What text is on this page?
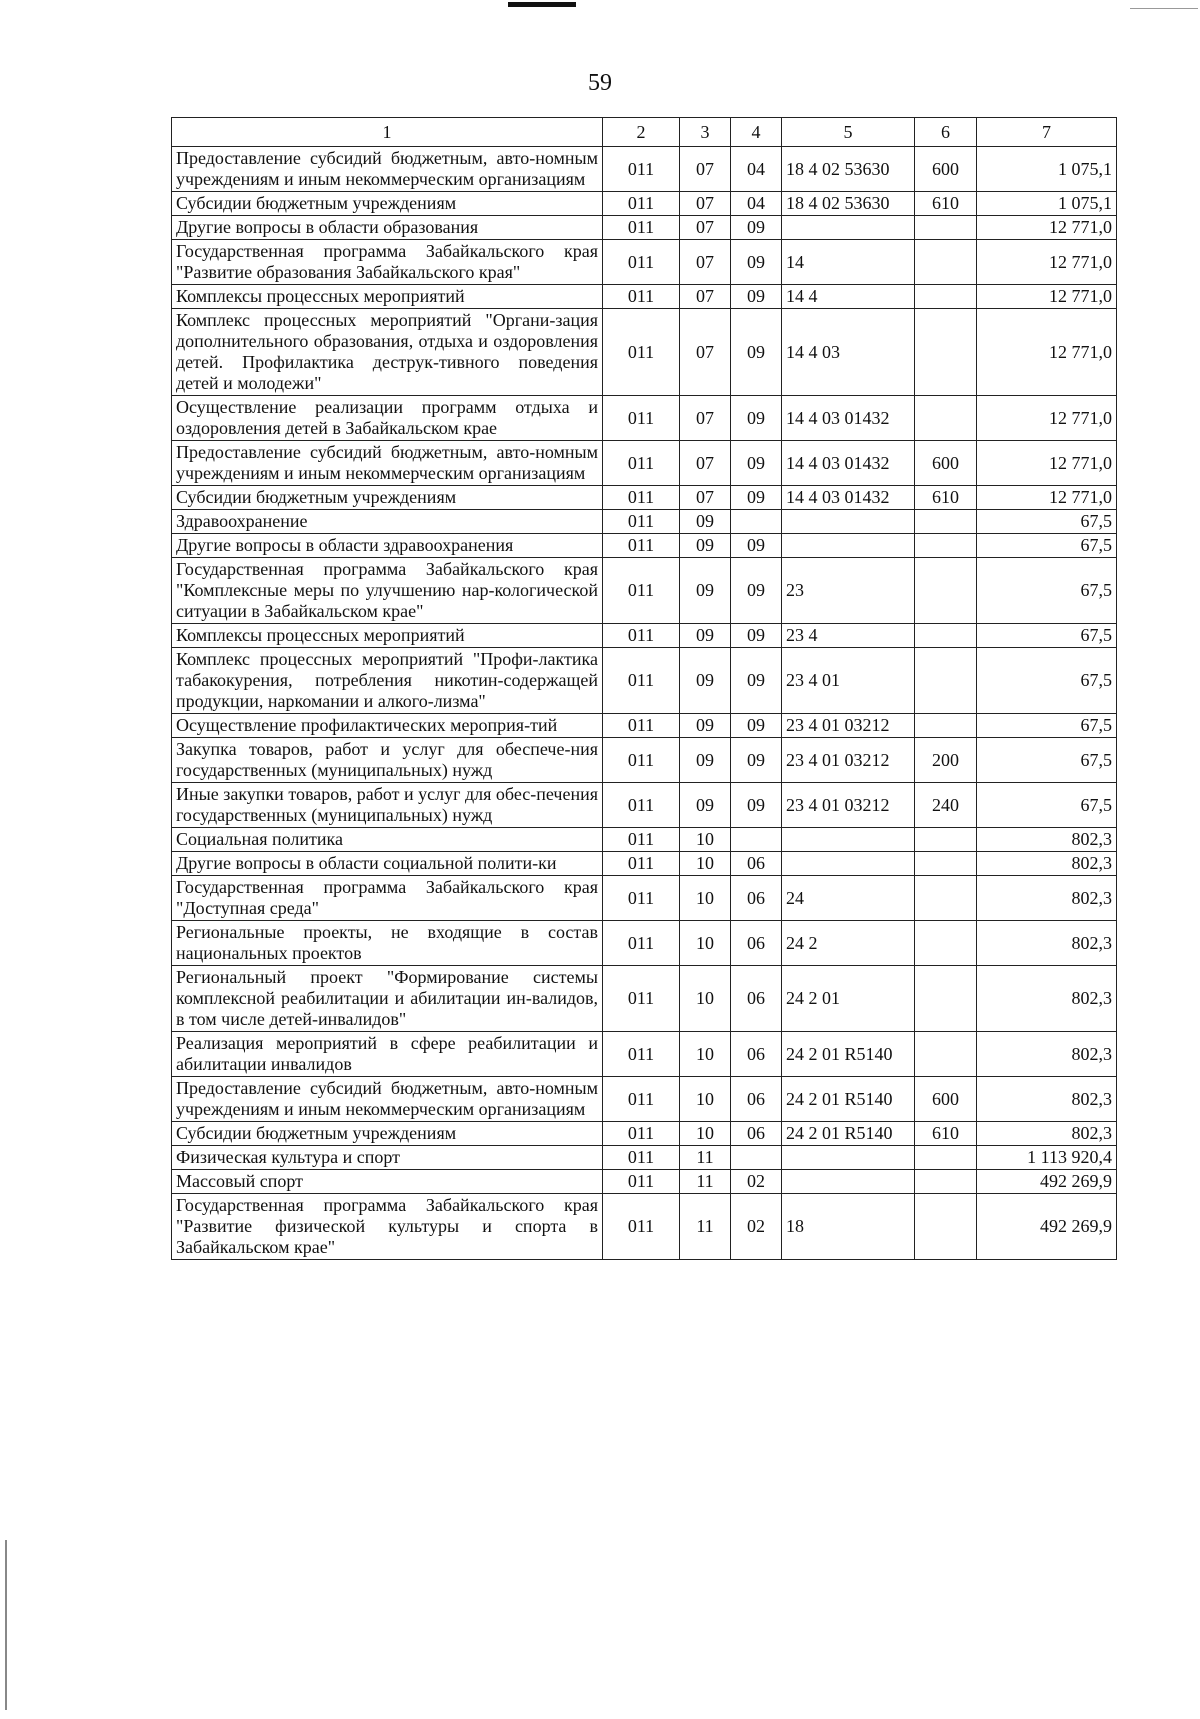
59
1	2	3	4	5	6	7
Предоставление субсидий бюджетным, авто-номным учреждениям и иным некоммерческим организациям	011	07	04	18 4 02 53630	600	1 075,1
Субсидии бюджетным учреждениям	011	07	04	18 4 02 53630	610	1 075,1
Другие вопросы в области образования	011	07	09			12 771,0
Государственная программа Забайкальского края "Развитие образования Забайкальского края"	011	07	09	14		12 771,0
Комплексы процессных мероприятий	011	07	09	14 4		12 771,0
Комплекс процессных мероприятий "Органи-зация дополнительного образования, отдыха и оздоровления детей. Профилактика деструк-тивного поведения детей и молодежи"	011	07	09	14 4 03		12 771,0
Осуществление реализации программ отдыха и оздоровления детей в Забайкальском крае	011	07	09	14 4 03 01432		12 771,0
Предоставление субсидий бюджетным, авто-номным учреждениям и иным некоммерческим организациям	011	07	09	14 4 03 01432	600	12 771,0
Субсидии бюджетным учреждениям	011	07	09	14 4 03 01432	610	12 771,0
Здравоохранение	011	09				67,5
Другие вопросы в области здравоохранения	011	09	09			67,5
Государственная программа Забайкальского края "Комплексные меры по улучшению нар-кологической ситуации в Забайкальском крае"	011	09	09	23		67,5
Комплексы процессных мероприятий	011	09	09	23 4		67,5
Комплекс процессных мероприятий "Профи-лактика табакокурения, потребления никотин-содержащей продукции, наркомании и алкого-лизма"	011	09	09	23 4 01		67,5
Осуществление профилактических мероприя-тий	011	09	09	23 4 01 03212		67,5
Закупка товаров, работ и услуг для обеспече-ния государственных (муниципальных) нужд	011	09	09	23 4 01 03212	200	67,5
Иные закупки товаров, работ и услуг для обес-печения государственных (муниципальных) нужд	011	09	09	23 4 01 03212	240	67,5
Социальная политика	011	10				802,3
Другие вопросы в области социальной полити-ки	011	10	06			802,3
Государственная программа Забайкальского края "Доступная среда"	011	10	06	24		802,3
Региональные проекты, не входящие в состав национальных проектов	011	10	06	24 2		802,3
Региональный проект "Формирование системы комплексной реабилитации и абилитации ин-валидов, в том числе детей-инвалидов"	011	10	06	24 2 01		802,3
Реализация мероприятий в сфере реабилитации и абилитации инвалидов	011	10	06	24 2 01 R5140		802,3
Предоставление субсидий бюджетным, авто-номным учреждениям и иным некоммерческим организациям	011	10	06	24 2 01 R5140	600	802,3
Субсидии бюджетным учреждениям	011	10	06	24 2 01 R5140	610	802,3
Физическая культура и спорт	011	11				1 113 920,4
Массовый спорт	011	11	02			492 269,9
Государственная программа Забайкальского края "Развитие физической культуры и спорта в Забайкальском крае"	011	11	02	18		492 269,9
